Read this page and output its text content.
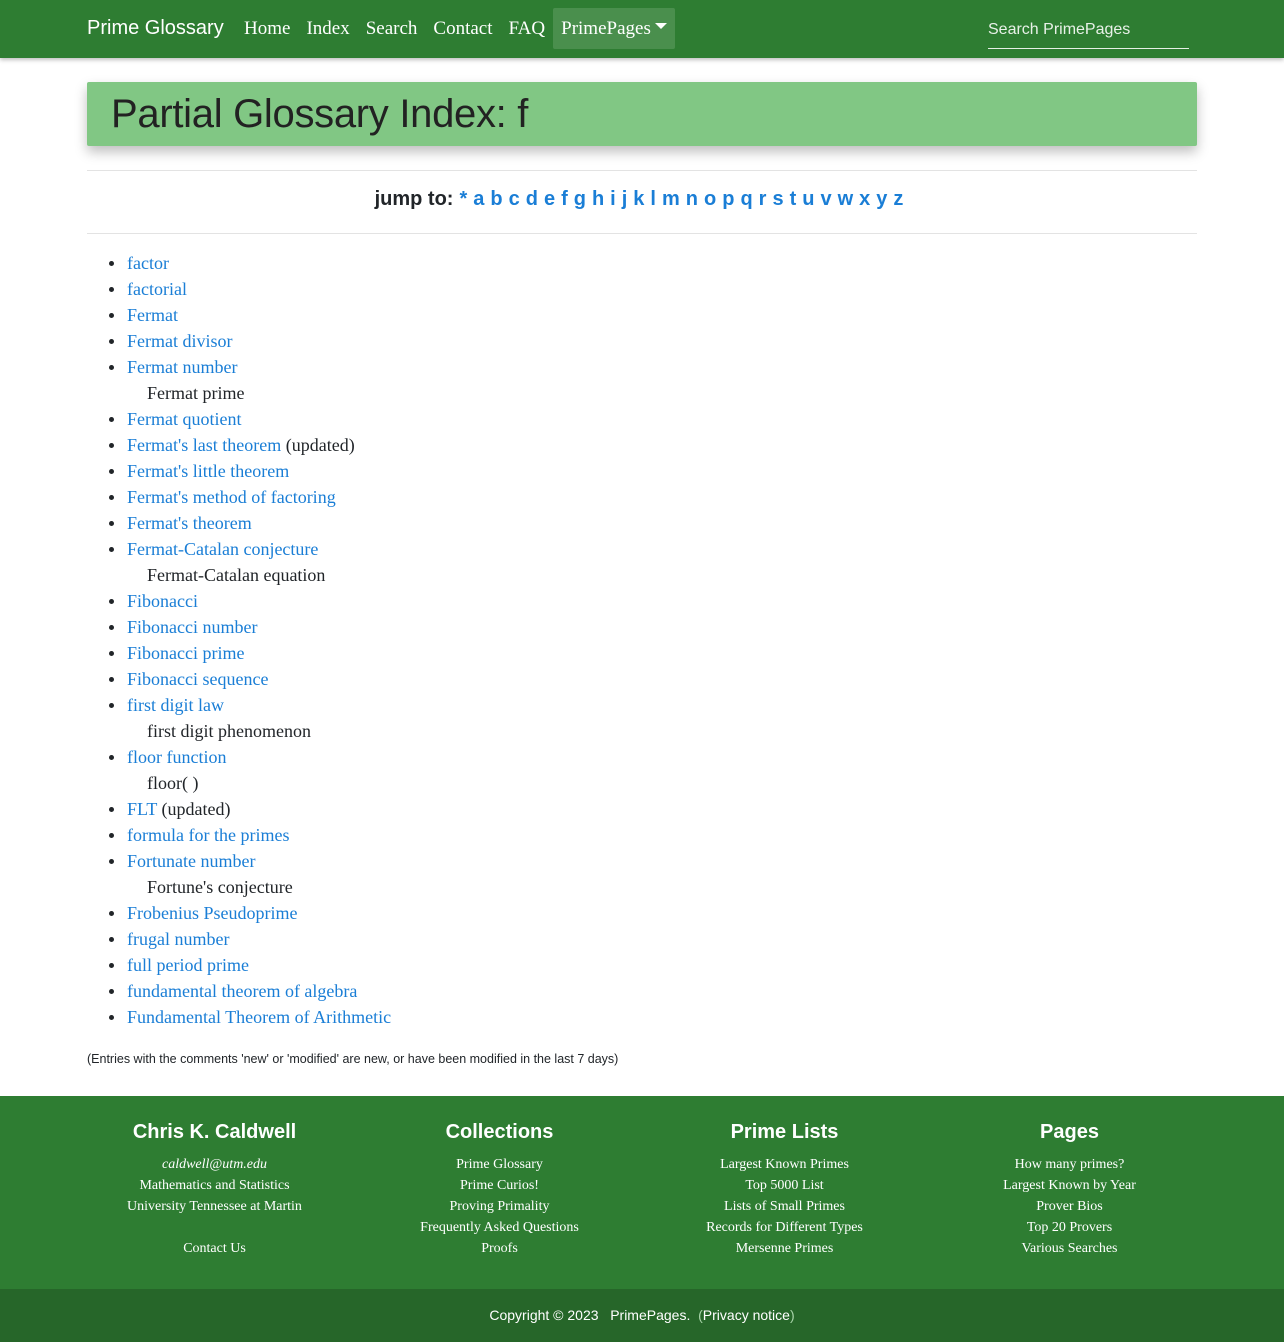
Prime Glossary	Home Index Search Contact FAQ PrimePages
Search PrimePages
Partial Glossary Index: f
jump to: * a b c d e f g h i j k l m n o p q r s t u v w x y z
factor
factorial
Fermat
Fermat divisor
Fermat number
Fermat prime
Fermat quotient
Fermat's last theorem (updated)
Fermat's little theorem
Fermat's method of factoring
Fermat's theorem
Fermat-Catalan conjecture
Fermat-Catalan equation
Fibonacci
Fibonacci number
Fibonacci prime
Fibonacci sequence
first digit law
first digit phenomenon
floor function
floor( )
FLT (updated)
formula for the primes
Fortunate number
Fortune's conjecture
Frobenius Pseudoprime
frugal number
full period prime
fundamental theorem of algebra
Fundamental Theorem of Arithmetic
(Entries with the comments 'new' or 'modified' are new, or have been modified in the last 7 days)
Chris K. Caldwell
caldwell@utm.edu
Mathematics and Statistics
University Tennessee at Martin
Contact Us
Collections
Prime Glossary
Prime Curios!
Proving Primality
Frequently Asked Questions
Proofs
Prime Lists
Largest Known Primes
Top 5000 List
Lists of Small Primes
Records for Different Types
Mersenne Primes
Pages
How many primes?
Largest Known by Year
Prover Bios
Top 20 Provers
Various Searches
Copyright © 2023 PrimePages. (Privacy notice)
